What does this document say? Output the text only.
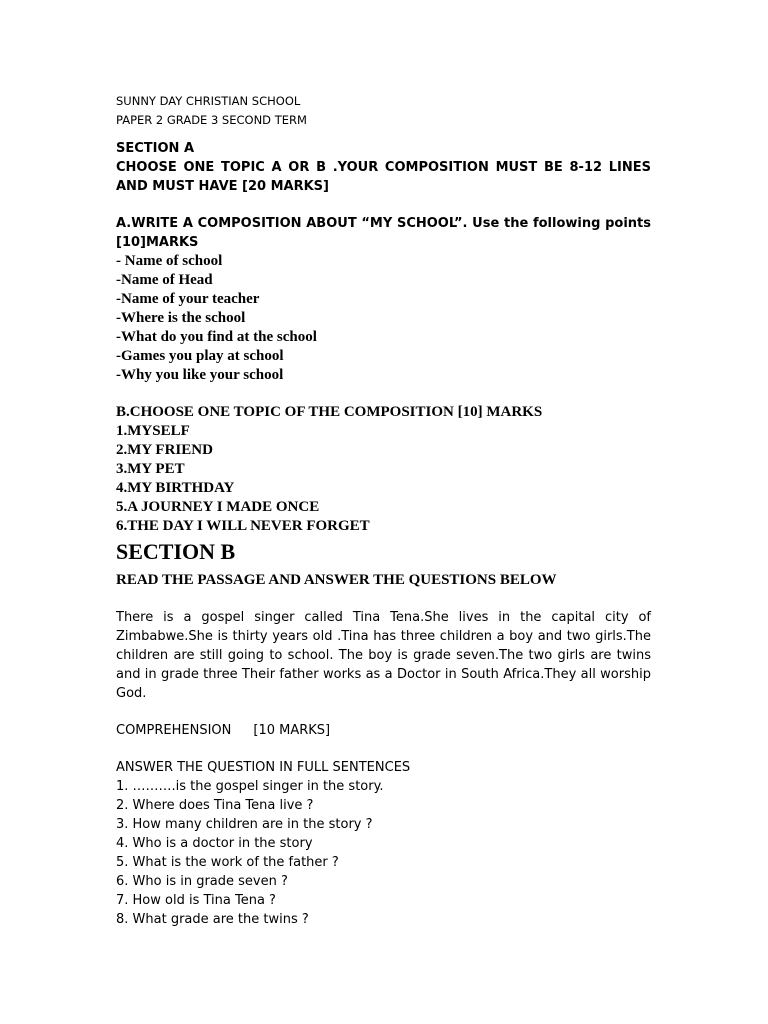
SUNNY DAY CHRISTIAN SCHOOL
PAPER 2 GRADE 3 SECOND TERM
SECTION A
CHOOSE ONE TOPIC A OR B .YOUR COMPOSITION MUST BE 8-12 LINES AND MUST HAVE [20 MARKS]
A.WRITE A COMPOSITION ABOUT “MY SCHOOL”. Use the following points [10]MARKS
- Name of school
-Name of Head
-Name of your teacher
-Where is the school
-What do you find at the school
-Games you play at school
-Why you like your school
B.CHOOSE ONE TOPIC OF THE COMPOSITION [10] MARKS
1.MYSELF
2.MY FRIEND
3.MY PET
4.MY BIRTHDAY
5.A JOURNEY I MADE ONCE
6.THE DAY I WILL NEVER FORGET
SECTION B
READ THE PASSAGE AND ANSWER THE QUESTIONS BELOW
There is a gospel singer called Tina Tena.She lives in the capital city of Zimbabwe.She is thirty years old .Tina has three children a boy and two girls.The children are still going to school. The boy is grade seven.The two girls are twins and in grade three Their father works as a Doctor in South Africa.They all worship God.
COMPREHENSION [10 MARKS]
ANSWER THE QUESTION IN FULL SENTENCES
1. ……….is the gospel singer in the story.
2. Where does Tina Tena live ?
3. How many children are in the story ?
4. Who is a doctor in the story
5. What is the work of the father ?
6. Who is in grade seven ?
7. How old is Tina Tena ?
8. What grade are the twins ?
